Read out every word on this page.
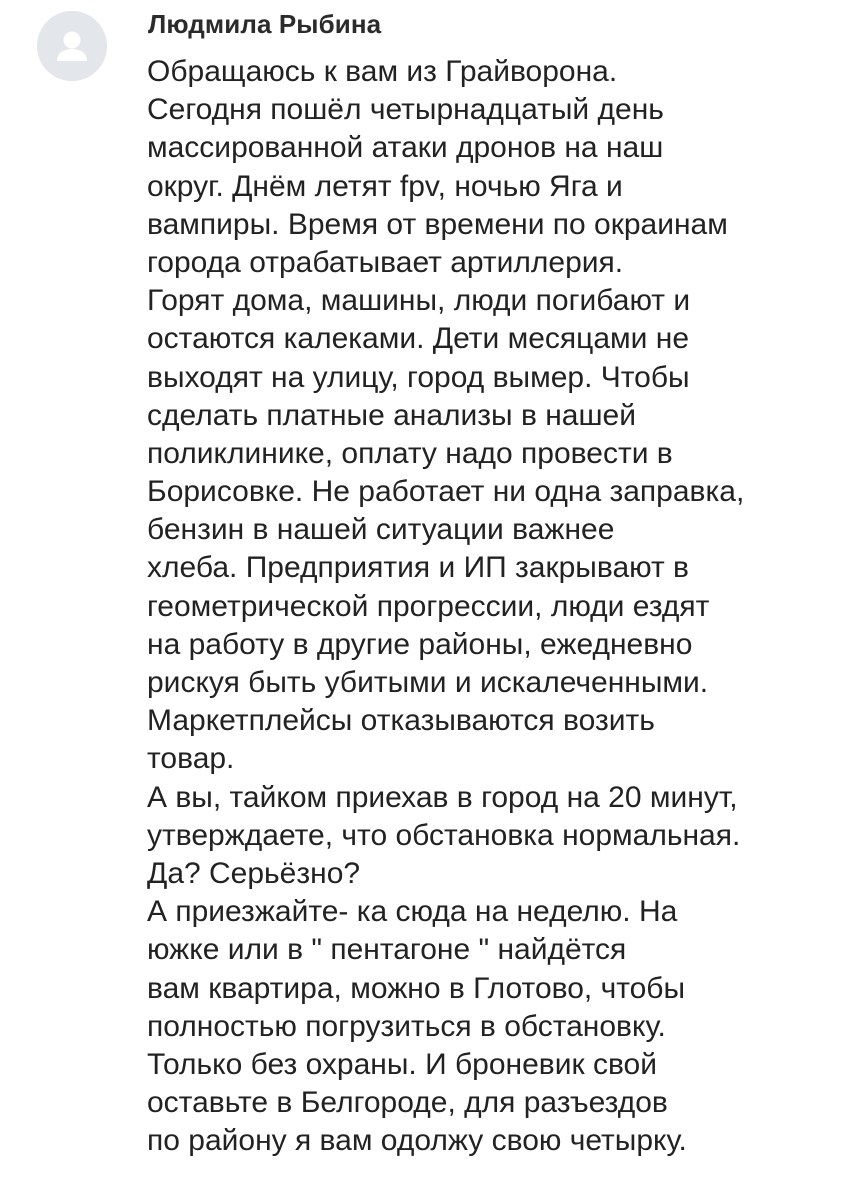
Людмила Рыбина
Обращаюсь к вам из Грайворона.
Сегодня пошёл четырнадцатый день
массированной атаки дронов на наш
округ. Днём летят fpv, ночью Яга и
вампиры. Время от времени по окраинам
города отрабатывает артиллерия.
Горят дома, машины, люди погибают и
остаются калеками. Дети месяцами не
выходят на улицу, город вымер. Чтобы
сделать платные анализы в нашей
поликлинике, оплату надо провести в
Борисовке. Не работает ни одна заправка,
бензин в нашей ситуации важнее
хлеба. Предприятия и ИП закрывают в
геометрической прогрессии, люди ездят
на работу в другие районы, ежедневно
рискуя быть убитыми и искалеченными.
Маркетплейсы отказываются возить
товар.
А вы, тайком приехав в город на 20 минут,
утверждаете, что обстановка нормальная.
Да? Серьёзно?
А приезжайте- ка сюда на неделю. На
южке или в " пентагоне " найдётся
вам квартира, можно в Глотово, чтобы
полностью погрузиться в обстановку.
Только без охраны. И броневик свой
оставьте в Белгороде, для разъездов
по району я вам одолжу свою четырку.
